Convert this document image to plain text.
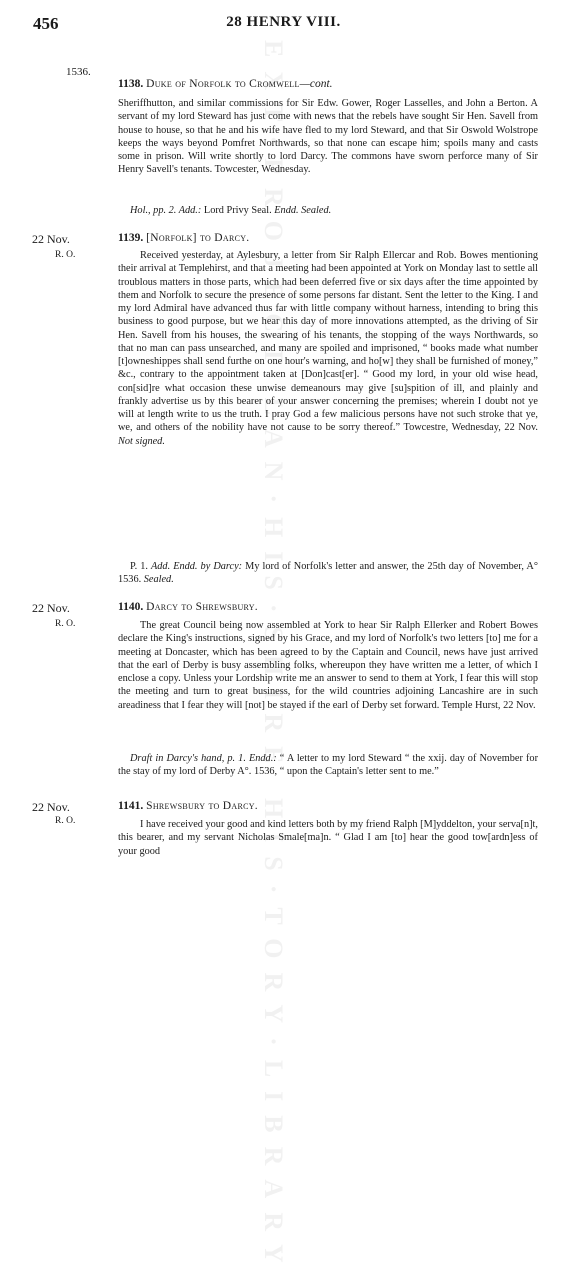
EXT·PROJECT LAN·HIS·SHIRE HIS·TORY·LIBRARY
456	28 HENRY VIII.
1536.
1138. Duke of Norfolk to Cromwell—cont.
Sheriffhutton, and similar commissions for Sir Edw. Gower, Roger Lasselles, and John a Berton. A servant of my lord Steward has just come with news that the rebels have sought Sir Hen. Savell from house to house, so that he and his wife have fled to my lord Steward, and that Sir Oswold Wolstrope keeps the ways beyond Pomfret Northwards, so that none can escape him; spoils many and casts some in prison. Will write shortly to lord Darcy. The commons have sworn perforce many of Sir Henry Savell's tenants. Towcester, Wednesday.
Hol., pp. 2. Add.: Lord Privy Seal. Endd. Sealed.
22 Nov.
R. O.
1139. [Norfolk] to Darcy.
Received yesterday, at Aylesbury, a letter from Sir Ralph Ellercar and Rob. Bowes mentioning their arrival at Templehirst, and that a meeting had been appointed at York on Monday last to settle all troublous matters in those parts, which had been deferred five or six days after the time appointed by them and Norfolk to secure the presence of some persons far distant. Sent the letter to the King. I and my lord Admiral have advanced thus far with little company without harness, intending to bring this business to good purpose, but we hear this day of more innovations attempted, as the driving of Sir Hen. Savell from his houses, the swearing of his tenants, the stopping of the ways Northwards, so that no man can pass unsearched, and many are spoiled and imprisoned, “ books made what number [t]owneshippes shall send furthe on one hour's warning, and ho[w] they shall be furnished of money,” &c., contrary to the appointment taken at [Don]cast[er]. “ Good my lord, in your old wise head, con[sid]re what occasion these unwise demeanours may give [su]spition of ill, and plainly and frankly advertise us by this bearer of your answer concerning the premises; wherein I doubt not ye will at length write to us the truth. I pray God a few malicious persons have not such stroke that ye, we, and others of the nobility have not cause to be sorry thereof.” Towcestre, Wednesday, 22 Nov. Not signed.
P. 1. Add. Endd. by Darcy: My lord of Norfolk's letter and answer, the 25th day of November, A° 1536. Sealed.
22 Nov.
R. O.
1140. Darcy to Shrewsbury.
The great Council being now assembled at York to hear Sir Ralph Ellerker and Robert Bowes declare the King's instructions, signed by his Grace, and my lord of Norfolk's two letters [to] me for a meeting at Doncaster, which has been agreed to by the Captain and Council, news have just arrived that the earl of Derby is busy assembling folks, whereupon they have written me a letter, of which I enclose a copy. Unless your Lordship write me an answer to send to them at York, I fear this will stop the meeting and turn to great business, for the wild countries adjoining Lancashire are in such areadiness that I fear they will [not] be stayed if the earl of Derby set forward. Temple Hurst, 22 Nov.
Draft in Darcy's hand, p. 1. Endd.: “ A letter to my lord Steward “ the xxij. day of November for the stay of my lord of Derby A°. 1536, “ upon the Captain's letter sent to me.”
22 Nov.
R. O.
1141. Shrewsbury to Darcy.
I have received your good and kind letters both by my friend Ralph [M]yddelton, your serva[n]t, this bearer, and my servant Nicholas Smale[ma]n. “ Glad I am [to] hear the good tow[ardn]ess of your good
